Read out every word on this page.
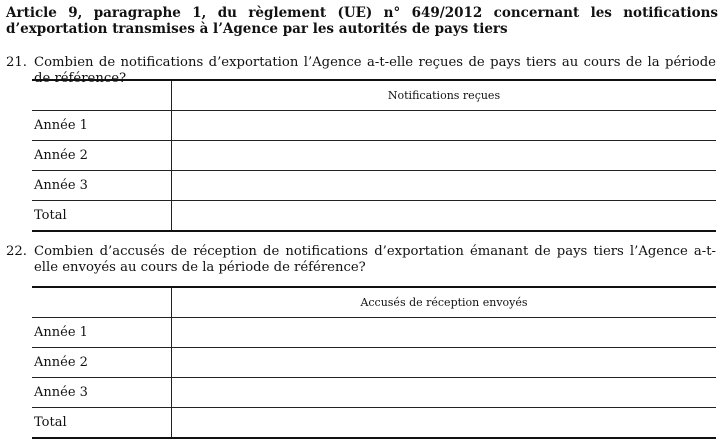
Article 9, paragraphe 1, du règlement (UE) n° 649/2012 concernant les notifications d’exportation transmises à l’Agence par les autorités de pays tiers
21. Combien de notifications d’exportation l’Agence a-t-elle reçues de pays tiers au cours de la période de référence?
	Notifications reçues
Année 1	
Année 2	
Année 3	
Total	
22. Combien d’accusés de réception de notifications d’exportation émanant de pays tiers l’Agence a-t-elle envoyés au cours de la période de référence?
	Accusés de réception envoyés
Année 1	
Année 2	
Année 3	
Total	
